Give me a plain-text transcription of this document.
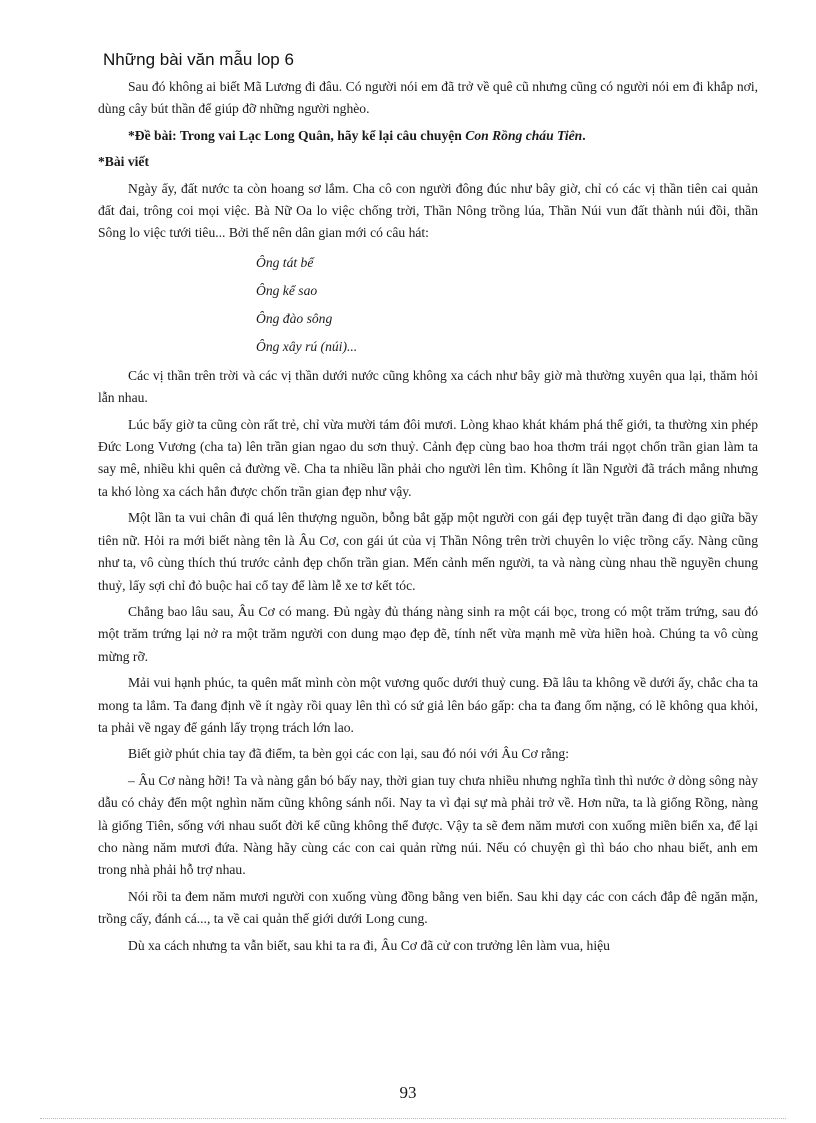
Những bài văn mẫu lop 6

Sau đó không ai biết Mã Lương đi đâu. Có người nói em đã trở về quê cũ nhưng cũng có người nói em đi khắp nơi, dùng cây bút thần để giúp đỡ những người nghèo.

*Đề bài: Trong vai Lạc Long Quân, hãy kể lại câu chuyện Con Rồng cháu Tiên.

*Bài viết

Ngày ấy, đất nước ta còn hoang sơ lắm. Cha cô con người đông đúc như bây giờ, chỉ có các vị thần tiên cai quản đất đai, trông coi mọi việc. Bà Nữ Oa lo việc chống trời, Thần Nông trồng lúa, Thần Núi vun đất thành núi đồi, thần Sông lo việc tưới tiêu... Bởi thế nên dân gian mới có câu hát:

Ông tát bể
Ông kể sao
Ông đào sông
Ông xây rú (núi)...

Các vị thần trên trời và các vị thần dưới nước cũng không xa cách như bây giờ mà thường xuyên qua lại, thăm hỏi lẫn nhau.

Lúc bấy giờ ta cũng còn rất trẻ, chỉ vừa mười tám đôi mươi. Lòng khao khát khám phá thế giới, ta thường xin phép Đức Long Vương (cha ta) lên trần gian ngao du sơn thuỷ. Cảnh đẹp cùng bao hoa thơm trái ngọt chốn trần gian làm ta say mê, nhiều khi quên cả đường về. Cha ta nhiều lần phải cho người lên tìm. Không ít lần Người đã trách mắng nhưng ta khó lòng xa cách hẳn được chốn trần gian đẹp như vậy.

Một lần ta vui chân đi quá lên thượng nguồn, bỗng bắt gặp một người con gái đẹp tuyệt trần đang đi dạo giữa bầy tiên nữ. Hỏi ra mới biết nàng tên là Âu Cơ, con gái út của vị Thần Nông trên trời chuyên lo việc trồng cấy. Nàng cũng như ta, vô cùng thích thú trước cảnh đẹp chốn trần gian. Mến cảnh mến người, ta và nàng cùng nhau thề nguyền chung thuỷ, lấy sợi chỉ đỏ buộc hai cổ tay để làm lễ xe tơ kết tóc.

Chẳng bao lâu sau, Âu Cơ có mang. Đủ ngày đủ tháng nàng sinh ra một cái bọc, trong có một trăm trứng, sau đó một trăm trứng lại nở ra một trăm người con dung mạo đẹp đẽ, tính nết vừa mạnh mẽ vừa hiền hoà. Chúng ta vô cùng mừng rỡ.

Mải vui hạnh phúc, ta quên mất mình còn một vương quốc dưới thuỷ cung. Đã lâu ta không về dưới ấy, chắc cha ta mong ta lắm. Ta đang định về ít ngày rồi quay lên thì có sứ giả lên báo gấp: cha ta đang ốm nặng, có lẽ không qua khỏi, ta phải về ngay để gánh lấy trọng trách lớn lao.

Biết giờ phút chia tay đã điểm, ta bèn gọi các con lại, sau đó nói với Âu Cơ rằng:

– Âu Cơ nàng hỡi! Ta và nàng gắn bó bấy nay, thời gian tuy chưa nhiều nhưng nghĩa tình thì nước ở dòng sông này dẫu có chảy đến một nghìn năm cũng không sánh nổi. Nay ta vì đại sự mà phải trở về. Hơn nữa, ta là giống Rồng, nàng là giống Tiên, sống với nhau suốt đời kể cũng không thể được. Vậy ta sẽ đem năm mươi con xuống miền biển xa, để lại cho nàng năm mươi đứa. Nàng hãy cùng các con cai quản rừng núi. Nếu có chuyện gì thì báo cho nhau biết, anh em trong nhà phải hỗ trợ nhau.

Nói rồi ta đem năm mươi người con xuống vùng đồng bằng ven biển. Sau khi dạy các con cách đắp đê ngăn mặn, trồng cấy, đánh cá..., ta về cai quản thế giới dưới Long cung.

Dù xa cách nhưng ta vẫn biết, sau khi ta ra đi, Âu Cơ đã cử con trưởng lên làm vua, hiệu

93
